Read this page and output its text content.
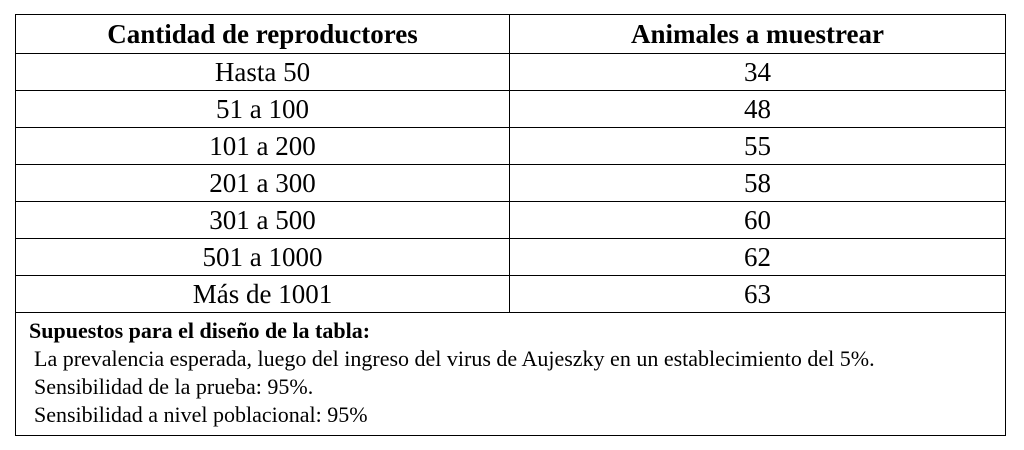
Cantidad de reproductores	Animales a muestrear
Hasta 50	34
51 a 100	48
101 a 200	55
201 a 300	58
301 a 500	60
501 a 1000	62
Más de 1001	63

Supuestos para el diseño de la tabla:

La prevalencia esperada, luego del ingreso del virus de Aujeszky en un establecimiento del 5%.

Sensibilidad de la prueba: 95%.

Sensibilidad a nivel poblacional: 95%	
